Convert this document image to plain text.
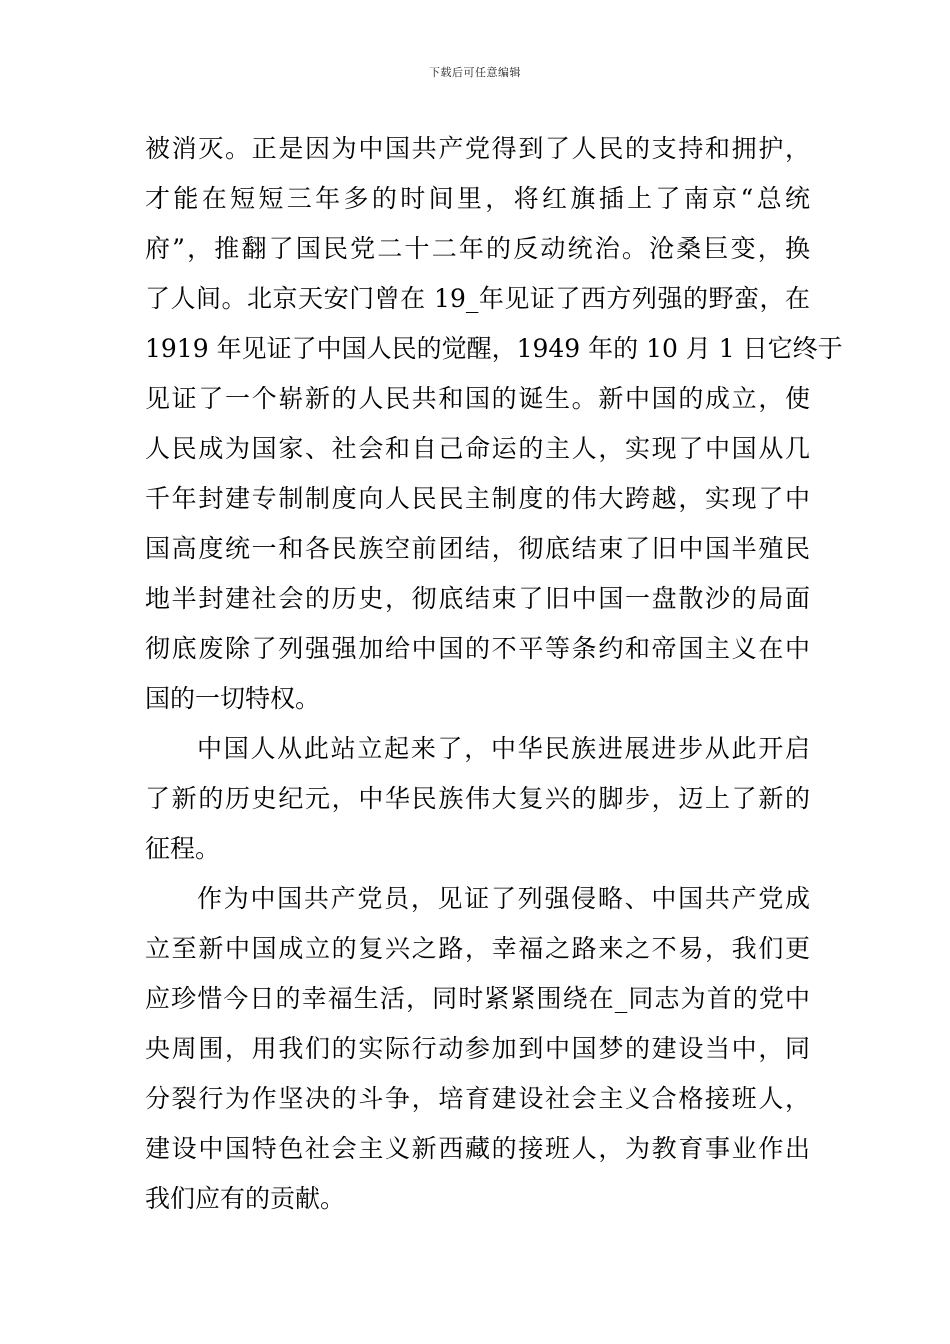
下载后可任意编辑
被消灭。正是因为中国共产党得到了人民的支持和拥护，
才能在短短三年多的时间里，将红旗插上了南京“总统
府”，推翻了国民党二十二年的反动统治。沧桑巨变，换
了人间。北京天安门曾在 19_年见证了西方列强的野蛮，在
1919 年见证了中国人民的觉醒，1949 年的 10 月 1 日它终于
见证了一个崭新的人民共和国的诞生。新中国的成立，使
人民成为国家、社会和自己命运的主人，实现了中国从几
千年封建专制制度向人民民主制度的伟大跨越，实现了中
国高度统一和各民族空前团结，彻底结束了旧中国半殖民
地半封建社会的历史，彻底结束了旧中国一盘散沙的局面
彻底废除了列强强加给中国的不平等条约和帝国主义在中
国的一切特权。
中国人从此站立起来了，中华民族进展进步从此开启
了新的历史纪元，中华民族伟大复兴的脚步，迈上了新的
征程。
作为中国共产党员，见证了列强侵略、中国共产党成
立至新中国成立的复兴之路，幸福之路来之不易，我们更
应珍惜今日的幸福生活，同时紧紧围绕在_同志为首的党中
央周围，用我们的实际行动参加到中国梦的建设当中，同
分裂行为作坚决的斗争，培育建设社会主义合格接班人，
建设中国特色社会主义新西藏的接班人，为教育事业作出
我们应有的贡献。
